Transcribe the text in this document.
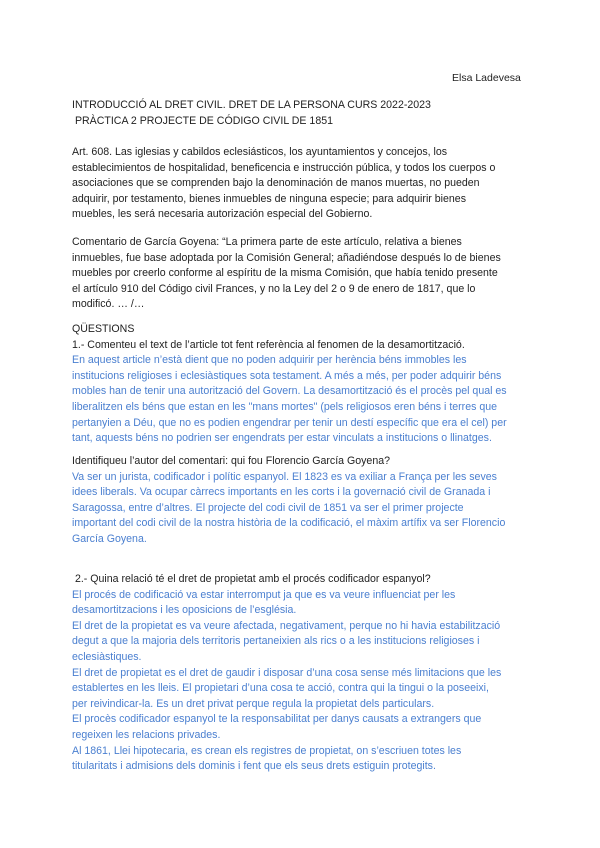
Elsa Ladevesa
INTRODUCCIÓ AL DRET CIVIL. DRET DE LA PERSONA CURS 2022-2023
PRÀCTICA 2 PROJECTE DE CÓDIGO CIVIL DE 1851
Art. 608. Las iglesias y cabildos eclesiásticos, los ayuntamientos y concejos, los
establecimientos de hospitalidad, beneficencia e instrucción pública, y todos los cuerpos o
asociaciones que se comprenden bajo la denominación de manos muertas, no pueden
adquirir, por testamento, bienes inmuebles de ninguna especie; para adquirir bienes
muebles, les será necesaria autorización especial del Gobierno.
Comentario de García Goyena: “La primera parte de este artículo, relativa a bienes
inmuebles, fue base adoptada por la Comisión General; añadiéndose después lo de bienes
muebles por creerlo conforme al espíritu de la misma Comisión, que había tenido presente
el artículo 910 del Código civil Frances, y no la Ley del 2 o 9 de enero de 1817, que lo
modificó. … /…
QÜESTIONS
1.- Comenteu el text de l’article tot fent referència al fenomen de la desamortització.
En aquest article n’està dient que no poden adquirir per herència béns immobles les
institucions religioses i eclesiàstiques sota testament. A més a més, per poder adquirir béns
mobles han de tenir una autorització del Govern. La desamortització és el procès pel qual es
liberalitzen els béns que estan en les "mans mortes" (pels religiosos eren béns i terres que
pertanyien a Déu, que no es podien engendrar per tenir un destí específic que era el cel) per
tant, aquests béns no podrien ser engendrats per estar vinculats a institucions o llinatges.
Identifiqueu l’autor del comentari: qui fou Florencio García Goyena?
Va ser un jurista, codificador i polític espanyol. El 1823 es va exiliar a França per les seves
idees liberals. Va ocupar càrrecs importants en les corts i la governació civil de Granada i
Saragossa, entre d’altres. El projecte del codi civil de 1851 va ser el primer projecte
important del codi civil de la nostra història de la codificació, el màxim artífix va ser Florencio
García Goyena.
2.- Quina relació té el dret de propietat amb el procés codificador espanyol?
El procés de codificació va estar interromput ja que es va veure influenciat per les
desamortitzacions i les oposicions de l’església.
El dret de la propietat es va veure afectada, negativament, perque no hi havia estabilització
degut a que la majoria dels territoris pertaneixien als rics o a les institucions religioses i
eclesiàstiques.
El dret de propietat es el dret de gaudir i disposar d’una cosa sense més limitacions que les
establertes en les lleis. El propietari d’una cosa te acció, contra qui la tingui o la poseeixi,
per reivindicar-la. Es un dret privat perque regula la propietat dels particulars.
El procès codificador espanyol te la responsabilitat per danys causats a extrangers que
regeixen les relacions privades.
Al 1861, Llei hipotecaria, es crean els registres de propietat, on s’escriuen totes les
titularitats i admisions dels dominis i fent que els seus drets estiguin protegits.
